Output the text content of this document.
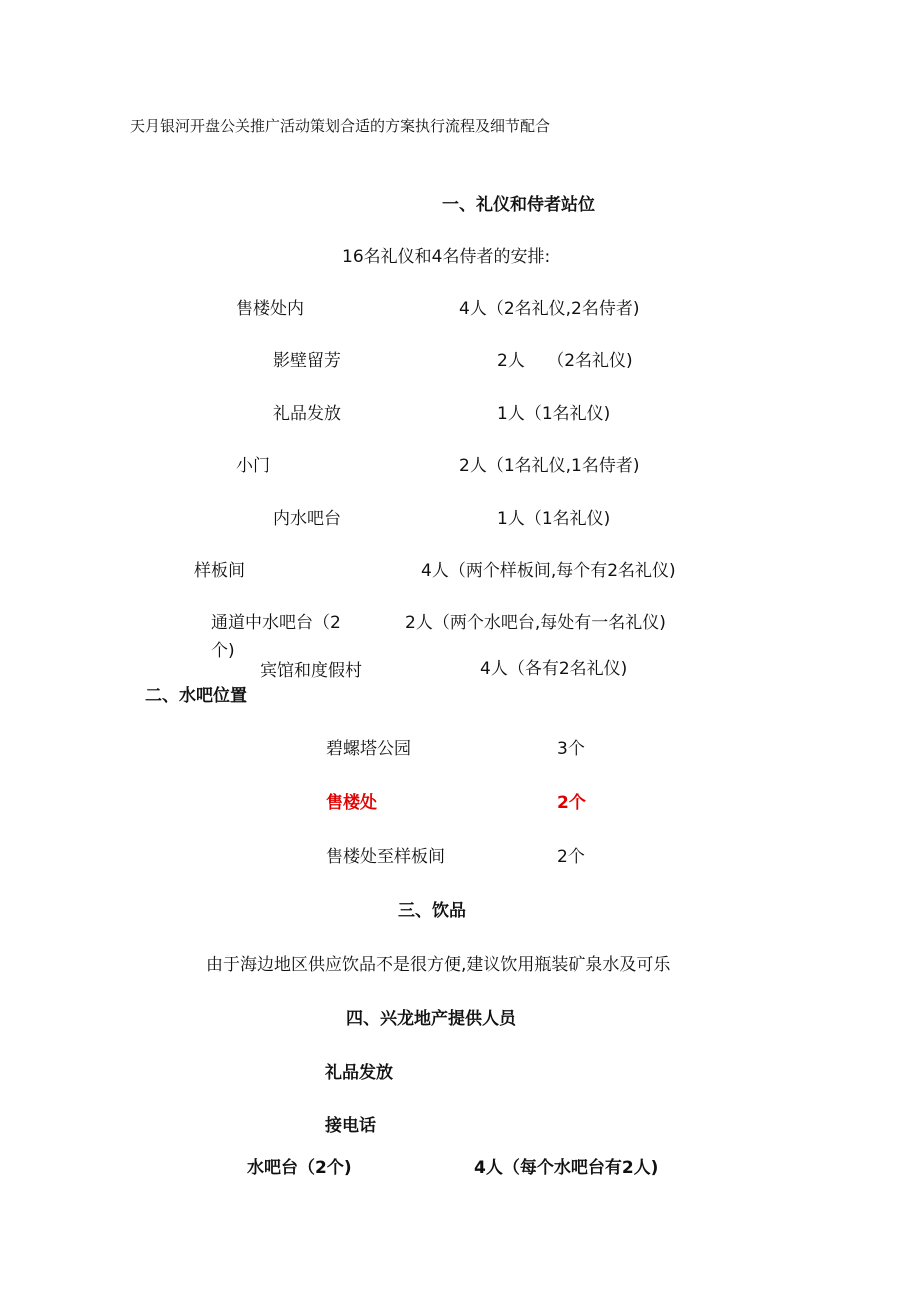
天月银河开盘公关推广活动策划合适的方案执行流程及细节配合
一、礼仪和侍者站位
16名礼仪和4名侍者的安排:
售楼处内	4人（2名礼仪,2名侍者)
影壁留芳	2人　 （2名礼仪)
礼品发放	1人（1名礼仪)
小门	2人（1名礼仪,1名侍者)
内水吧台	1人（1名礼仪)
样板间	4人（两个样板间,每个有2名礼仪)
通道中水吧台（2
个)
2人（两个水吧台,每处有一名礼仪)
宾馆和度假村	4人（各有2名礼仪)
二、水吧位置
碧螺塔公园	3个
售楼处	2个
售楼处至样板间	2个
三、饮品
由于海边地区供应饮品不是很方便,建议饮用瓶装矿泉水及可乐
四、兴龙地产提供人员
礼品发放
接电话
水吧台（2个)	4人（每个水吧台有2人)
